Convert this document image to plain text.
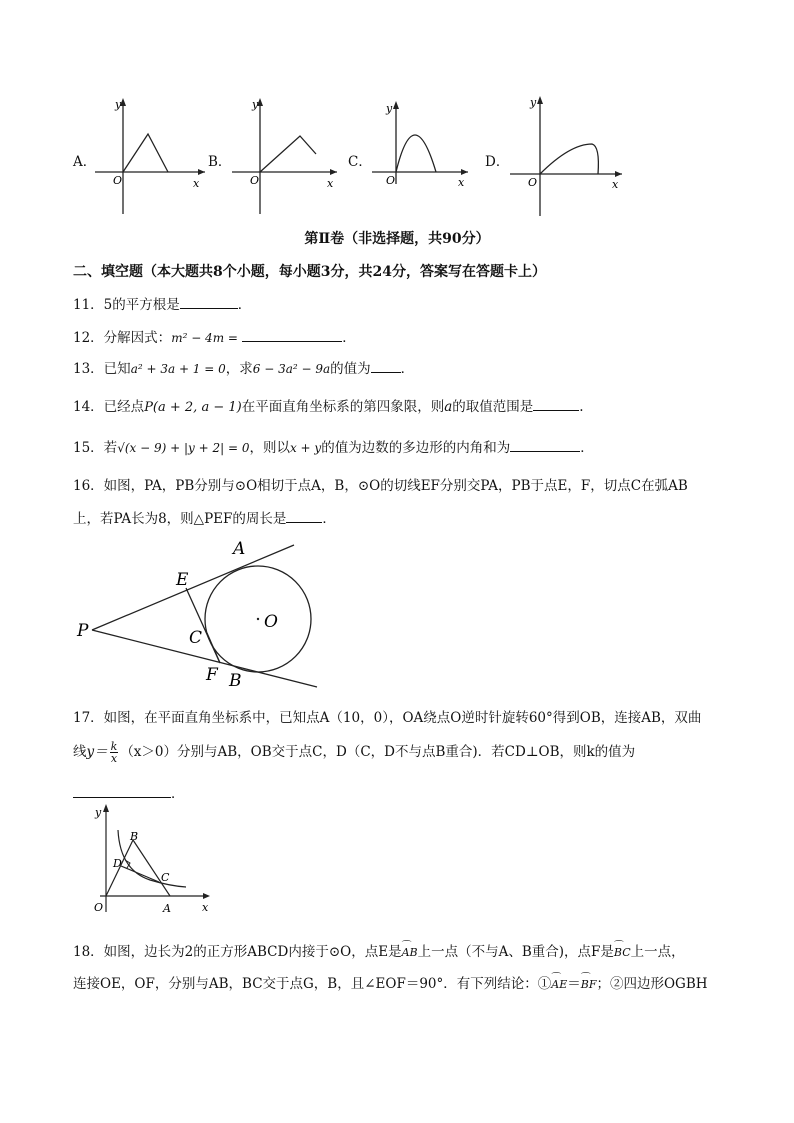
A．
y
O	x
B．
y
O	x
C．
y
O	x
D．
y
O	x
第Ⅱ卷（非选择题，共90分）
二、填空题（本大题共8个小题，每小题3分，共24分，答案写在答题卡上）
11．5的平方根是	．
12．分解因式：m² − 4m =	．
13．已知a² + 3a + 1 = 0，求6 − 3a² − 9a的值为 ．
14．已经点P(a + 2, a − 1)在平面直角坐标系的第四象限，则a的取值范围是	.
15．若√(x − 9) + |y + 2| = 0，则以x + y的值为边数的多边形的内角和为	．
16．如图，PA，PB分别与⊙O相切于点A，B，⊙O的切线EF分别交PA，PB于点E，F，切点C在弧AB
上，若PA长为8，则△PEF的周长是	．
A
E
P	C
O
F B
17．如图，在平面直角坐标系中，已知点A（10，0），OA绕点O逆时针旋转60°得到OB，连接AB，双曲
线$y= \frac{k}{x} (x>0)$分别与AB，OB交于点C，D（C，D不与点B重合)．若CD⊥OB，则k的值为
．
y
O	x
B
D
C
A
18．如图，边长为2的正方形ABCD内接于⊙O，点E是⌒ AB上一点（不与A、B重合)，点F是⌒ BC上一点，
连接OE，OF，分别与AB，BC交于点G，B，且∠EOF＝90°．有下列结论：①⌒ AE＝⌒ BF；②四边形OGBH
